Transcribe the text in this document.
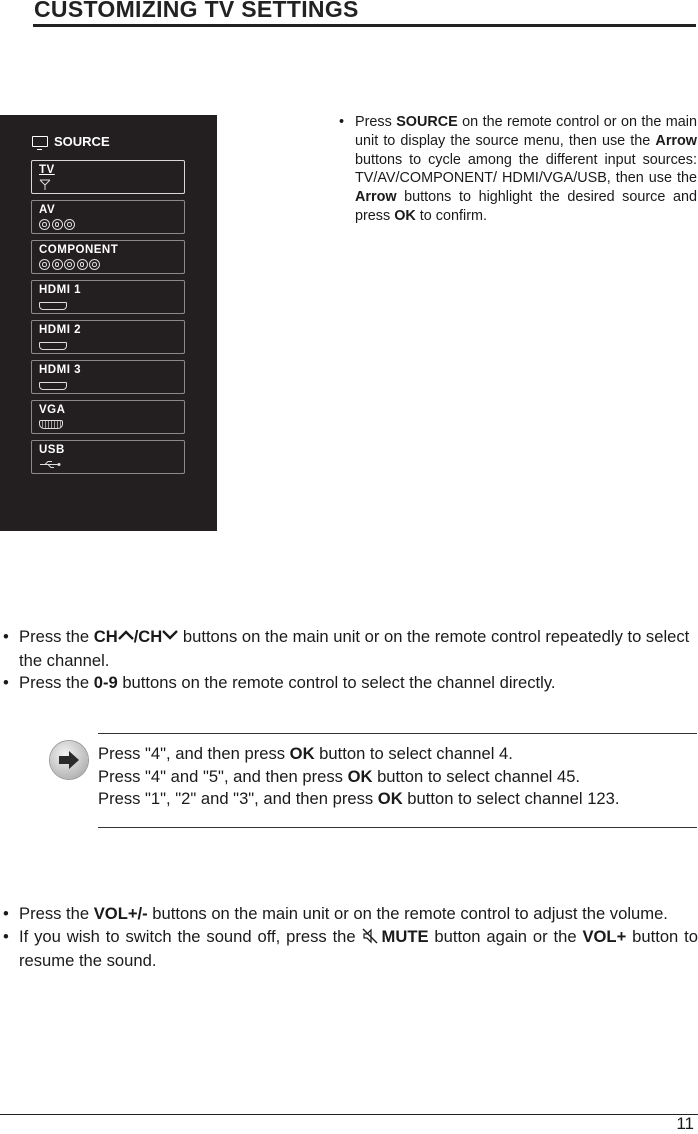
CUSTOMIZING TV SETTINGS
SOURCE
TV
AV
COMPONENT
HDMI 1
HDMI 2
HDMI 3
VGA
USB
• Press SOURCE on the remote control or on the main unit to display the source menu, then use the Arrow buttons to cycle among the different input sources: TV/AV/COMPONENT/ HDMI/VGA/USB, then use the Arrow buttons to highlight the desired source and press OK to confirm.

• Press the CH /CH buttons on the main unit or on the remote control repeatedly to select the channel.

• Press the 0-9 buttons on the remote control to select the channel directly.

Press "4", and then press OK button to select channel 4.
Press "4" and "5", and then press OK button to select channel 45.
Press "1", "2" and "3", and then press OK button to select channel 123.

• Press the VOL+/- buttons on the main unit or on the remote control to adjust the volume.

• If you wish to switch the sound off, press the MUTE button again or the VOL+ button to resume the sound.

11
